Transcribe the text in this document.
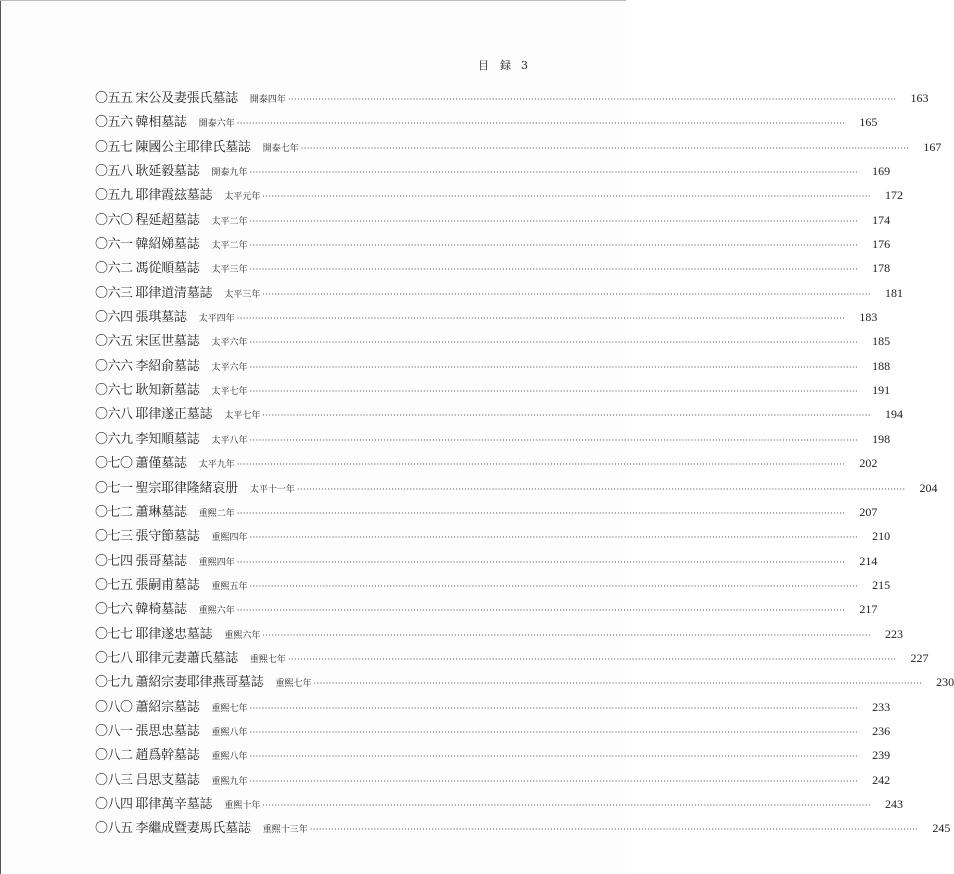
目　録 3
〇五五 宋公及妻張氏墓誌 開泰四年 ········································································································································································································	163
〇五六 韓相墓誌 開泰六年 ········································································································································································································	165
〇五七 陳國公主耶律氏墓誌 開泰七年 ········································································································································································································	167
〇五八 耿延毅墓誌 開泰九年 ········································································································································································································	169
〇五九 耶律霞玆墓誌 太平元年 ········································································································································································································	172
〇六〇 程延超墓誌 太平二年 ········································································································································································································	174
〇六一 韓紹娣墓誌 太平二年 ········································································································································································································	176
〇六二 馮從順墓誌 太平三年 ········································································································································································································	178
〇六三 耶律道清墓誌 太平三年 ········································································································································································································	181
〇六四 張琪墓誌 太平四年 ········································································································································································································	183
〇六五 宋匡世墓誌 太平六年 ········································································································································································································	185
〇六六 李紹俞墓誌 太平六年 ········································································································································································································	188
〇六七 耿知新墓誌 太平七年 ········································································································································································································	191
〇六八 耶律遂正墓誌 太平七年 ········································································································································································································	194
〇六九 李知順墓誌 太平八年 ········································································································································································································	198
〇七〇 蕭僅墓誌 太平九年 ········································································································································································································	202
〇七一 聖宗耶律隆緒哀册 太平十一年 ········································································································································································································	204
〇七二 蕭琳墓誌 重熙二年 ········································································································································································································	207
〇七三 張守節墓誌 重熙四年 ········································································································································································································	210
〇七四 張哥墓誌 重熙四年 ········································································································································································································	214
〇七五 張嗣甫墓誌 重熙五年 ········································································································································································································	215
〇七六 韓椅墓誌 重熙六年 ········································································································································································································	217
〇七七 耶律遂忠墓誌 重熙六年 ········································································································································································································	223
〇七八 耶律元妻蕭氏墓誌 重熙七年 ········································································································································································································	227
〇七九 蕭紹宗妻耶律燕哥墓誌 重熙七年 ········································································································································································································	230
〇八〇 蕭紹宗墓誌 重熙七年 ········································································································································································································	233
〇八一 張思忠墓誌 重熙八年 ········································································································································································································	236
〇八二 趙爲幹墓誌 重熙八年 ········································································································································································································	239
〇八三 吕思支墓誌 重熙九年 ········································································································································································································	242
〇八四 耶律萬辛墓誌 重熙十年 ········································································································································································································	243
〇八五 李繼成暨妻馬氏墓誌 重熙十三年 ········································································································································································································	245
